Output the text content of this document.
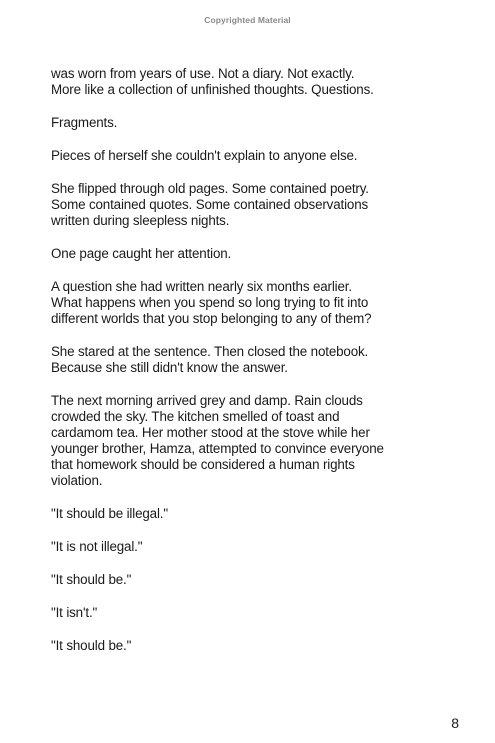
Copyrighted Material

was worn from years of use. Not a diary. Not exactly.
More like a collection of unfinished thoughts. Questions.

Fragments.

Pieces of herself she couldn't explain to anyone else.

She flipped through old pages. Some contained poetry.
Some contained quotes. Some contained observations
written during sleepless nights.

One page caught her attention.

A question she had written nearly six months earlier.
What happens when you spend so long trying to fit into
different worlds that you stop belonging to any of them?

She stared at the sentence. Then closed the notebook.
Because she still didn't know the answer.

The next morning arrived grey and damp. Rain clouds
crowded the sky. The kitchen smelled of toast and
cardamom tea. Her mother stood at the stove while her
younger brother, Hamza, attempted to convince everyone
that homework should be considered a human rights
violation.

"It should be illegal."

"It is not illegal."

"It should be."

"It isn't."

"It should be."

8
